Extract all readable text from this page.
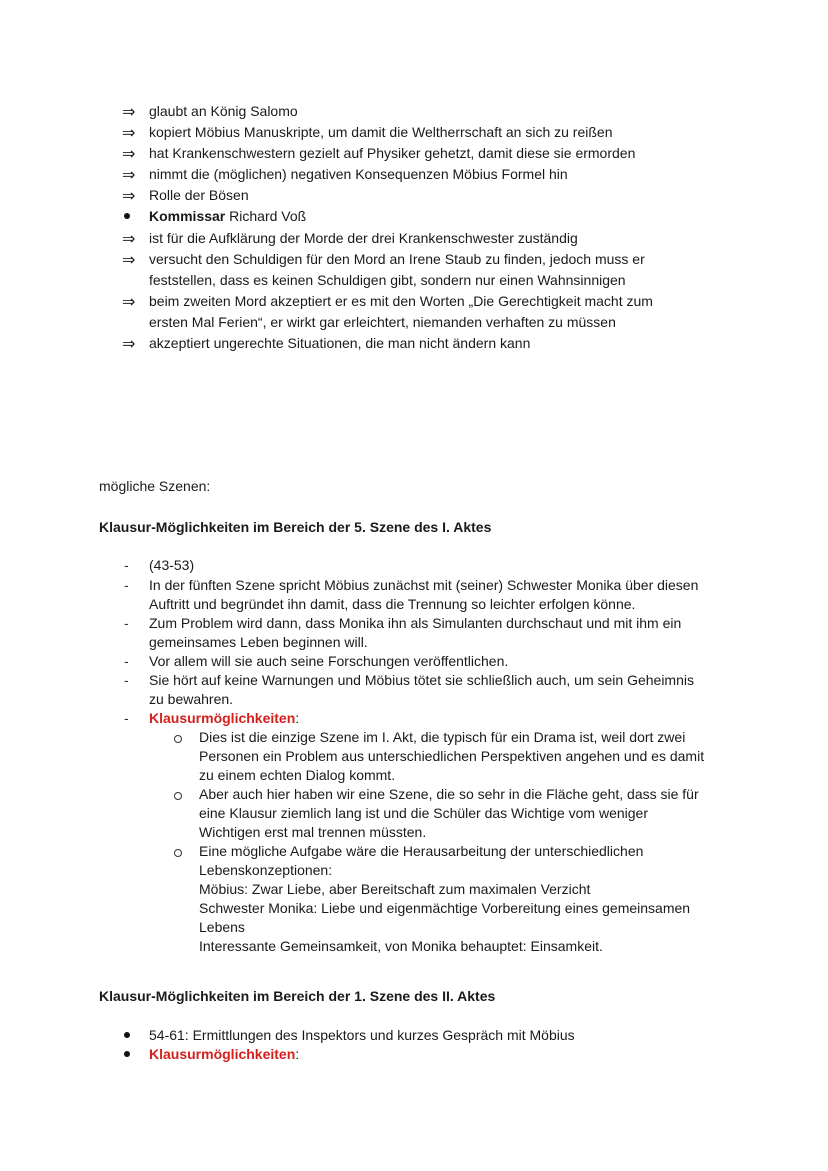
⇒ glaubt an König Salomo
⇒ kopiert Möbius Manuskripte, um damit die Weltherrschaft an sich zu reißen
⇒ hat Krankenschwestern gezielt auf Physiker gehetzt, damit diese sie ermorden
⇒ nimmt die (möglichen) negativen Konsequenzen Möbius Formel hin
⇒ Rolle der Bösen
Kommissar Richard Voß
⇒ ist für die Aufklärung der Morde der drei Krankenschwester zuständig
⇒ versucht den Schuldigen für den Mord an Irene Staub zu finden, jedoch muss er
feststellen, dass es keinen Schuldigen gibt, sondern nur einen Wahnsinnigen
⇒ beim zweiten Mord akzeptiert er es mit den Worten „Die Gerechtigkeit macht zum
ersten Mal Ferien“, er wirkt gar erleichtert, niemanden verhaften zu müssen
⇒ akzeptiert ungerechte Situationen, die man nicht ändern kann
mögliche Szenen:
Klausur-Möglichkeiten im Bereich der 5. Szene des I. Aktes
- (43-53)
- In der fünften Szene spricht Möbius zunächst mit (seiner) Schwester Monika über diesen
Auftritt und begründet ihn damit, dass die Trennung so leichter erfolgen könne.
- Zum Problem wird dann, dass Monika ihn als Simulanten durchschaut und mit ihm ein
gemeinsames Leben beginnen will.
- Vor allem will sie auch seine Forschungen veröffentlichen.
- Sie hört auf keine Warnungen und Möbius tötet sie schließlich auch, um sein Geheimnis
zu bewahren.
- Klausurmöglichkeiten:
Dies ist die einzige Szene im I. Akt, die typisch für ein Drama ist, weil dort zwei
Personen ein Problem aus unterschiedlichen Perspektiven angehen und es damit
zu einem echten Dialog kommt.
Aber auch hier haben wir eine Szene, die so sehr in die Fläche geht, dass sie für
eine Klausur ziemlich lang ist und die Schüler das Wichtige vom weniger
Wichtigen erst mal trennen müssten.
Eine mögliche Aufgabe wäre die Herausarbeitung der unterschiedlichen
Lebenskonzeptionen:
Möbius: Zwar Liebe, aber Bereitschaft zum maximalen Verzicht
Schwester Monika: Liebe und eigenmächtige Vorbereitung eines gemeinsamen
Lebens
Interessante Gemeinsamkeit, von Monika behauptet: Einsamkeit.
Klausur-Möglichkeiten im Bereich der 1. Szene des II. Aktes
54-61: Ermittlungen des Inspektors und kurzes Gespräch mit Möbius
Klausurmöglichkeiten:
